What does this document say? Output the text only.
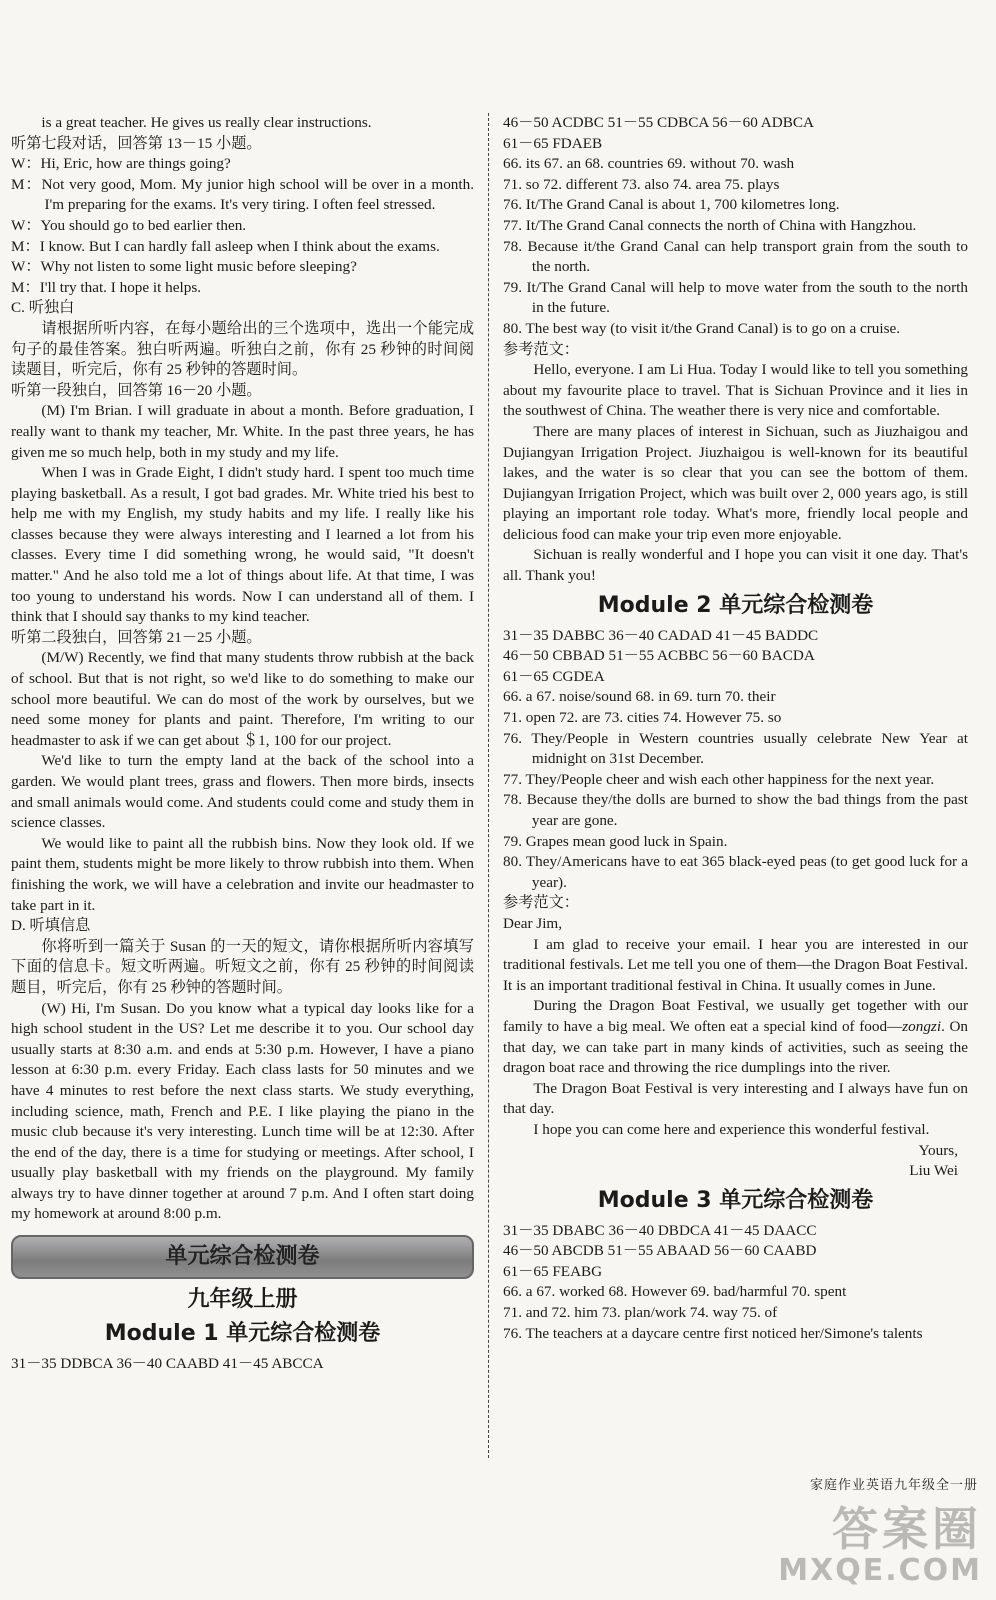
is a great teacher. He gives us really clear instructions.

听第七段对话，回答第 13－15 小题。

W：Hi, Eric, how are things going?

M：Not very good, Mom. My junior high school will be over in a month. I'm preparing for the exams. It's very tiring. I often feel stressed.

W：You should go to bed earlier then.

M：I know. But I can hardly fall asleep when I think about the exams.

W：Why not listen to some light music before sleeping?

M：I'll try that. I hope it helps.

C. 听独白

请根据所听内容，在每小题给出的三个选项中，选出一个能完成句子的最佳答案。独白听两遍。听独白之前，你有 25 秒钟的时间阅读题目，听完后，你有 25 秒钟的答题时间。

听第一段独白，回答第 16－20 小题。

(M) I'm Brian. I will graduate in about a month. Before graduation, I really want to thank my teacher, Mr. White. In the past three years, he has given me so much help, both in my study and my life.

When I was in Grade Eight, I didn't study hard. I spent too much time playing basketball. As a result, I got bad grades. Mr. White tried his best to help me with my English, my study habits and my life. I really like his classes because they were always interesting and I learned a lot from his classes. Every time I did something wrong, he would said, "It doesn't matter." And he also told me a lot of things about life. At that time, I was too young to understand his words. Now I can understand all of them. I think that I should say thanks to my kind teacher.

听第二段独白，回答第 21－25 小题。

(M/W) Recently, we find that many students throw rubbish at the back of school. But that is not right, so we'd like to do something to make our school more beautiful. We can do most of the work by ourselves, but we need some money for plants and paint. Therefore, I'm writing to our headmaster to ask if we can get about ＄1, 100 for our project.

We'd like to turn the empty land at the back of the school into a garden. We would plant trees, grass and flowers. Then more birds, insects and small animals would come. And students could come and study them in science classes.

We would like to paint all the rubbish bins. Now they look old. If we paint them, students might be more likely to throw rubbish into them. When finishing the work, we will have a celebration and invite our headmaster to take part in it.

D. 听填信息

你将听到一篇关于 Susan 的一天的短文，请你根据所听内容填写下面的信息卡。短文听两遍。听短文之前，你有 25 秒钟的时间阅读题目，听完后，你有 25 秒钟的答题时间。

(W) Hi, I'm Susan. Do you know what a typical day looks like for a high school student in the US? Let me describe it to you. Our school day usually starts at 8:30 a.m. and ends at 5:30 p.m. However, I have a piano lesson at 6:30 p.m. every Friday. Each class lasts for 50 minutes and we have 4 minutes to rest before the next class starts. We study everything, including science, math, French and P.E. I like playing the piano in the music club because it's very interesting. Lunch time will be at 12:30. After the end of the day, there is a time for studying or meetings. After school, I usually play basketball with my friends on the playground. My family always try to have dinner together at around 7 p.m. And I often start doing my homework at around 8:00 p.m.

单元综合检测卷
九年级上册
Module 1 单元综合检测卷
31－35 DDBCA 36－40 CAABD 41－45 ABCCA
46－50 ACDBC 51－55 CDBCA 56－60 ADBCA
61－65 FDAEB
66. its 67. an 68. countries 69. without 70. wash
71. so 72. different 73. also 74. area 75. plays

76. It/The Grand Canal is about 1, 700 kilometres long.

77. It/The Grand Canal connects the north of China with Hangzhou.

78. Because it/the Grand Canal can help transport grain from the south to the north.

79. It/The Grand Canal will help to move water from the south to the north in the future.

80. The best way (to visit it/the Grand Canal) is to go on a cruise.

参考范文：

Hello, everyone. I am Li Hua. Today I would like to tell you something about my favourite place to travel. That is Sichuan Province and it lies in the southwest of China. The weather there is very nice and comfortable.

There are many places of interest in Sichuan, such as Jiuzhaigou and Dujiangyan Irrigation Project. Jiuzhaigou is well-known for its beautiful lakes, and the water is so clear that you can see the bottom of them. Dujiangyan Irrigation Project, which was built over 2, 000 years ago, is still playing an important role today. What's more, friendly local people and delicious food can make your trip even more enjoyable.

Sichuan is really wonderful and I hope you can visit it one day. That's all. Thank you!

Module 2 单元综合检测卷
31－35 DABBC 36－40 CADAD 41－45 BADDC
46－50 CBBAD 51－55 ACBBC 56－60 BACDA
61－65 CGDEA
66. a 67. noise/sound 68. in 69. turn 70. their
71. open 72. are 73. cities 74. However 75. so

76. They/People in Western countries usually celebrate New Year at midnight on 31st December.

77. They/People cheer and wish each other happiness for the next year.

78. Because they/the dolls are burned to show the bad things from the past year are gone.

79. Grapes mean good luck in Spain.

80. They/Americans have to eat 365 black-eyed peas (to get good luck for a year).

参考范文：

Dear Jim,

I am glad to receive your email. I hear you are interested in our traditional festivals. Let me tell you one of them—the Dragon Boat Festival. It is an important traditional festival in China. It usually comes in June.

During the Dragon Boat Festival, we usually get together with our family to have a big meal. We often eat a special kind of food—zongzi. On that day, we can take part in many kinds of activities, such as seeing the dragon boat race and throwing the rice dumplings into the river.

The Dragon Boat Festival is very interesting and I always have fun on that day.

I hope you can come here and experience this wonderful festival.

Yours,

Liu Wei

Module 3 单元综合检测卷
31－35 DBABC 36－40 DBDCA 41－45 DAACC
46－50 ABCDB 51－55 ABAAD 56－60 CAABD
61－65 FEABG
66. a 67. worked 68. However 69. bad/harmful 70. spent
71. and 72. him 73. plan/work 74. way 75. of
76. The teachers at a daycare centre first noticed her/Simone's talents
家庭作业英语九年级全一册
答案圈
MXQE.COM
